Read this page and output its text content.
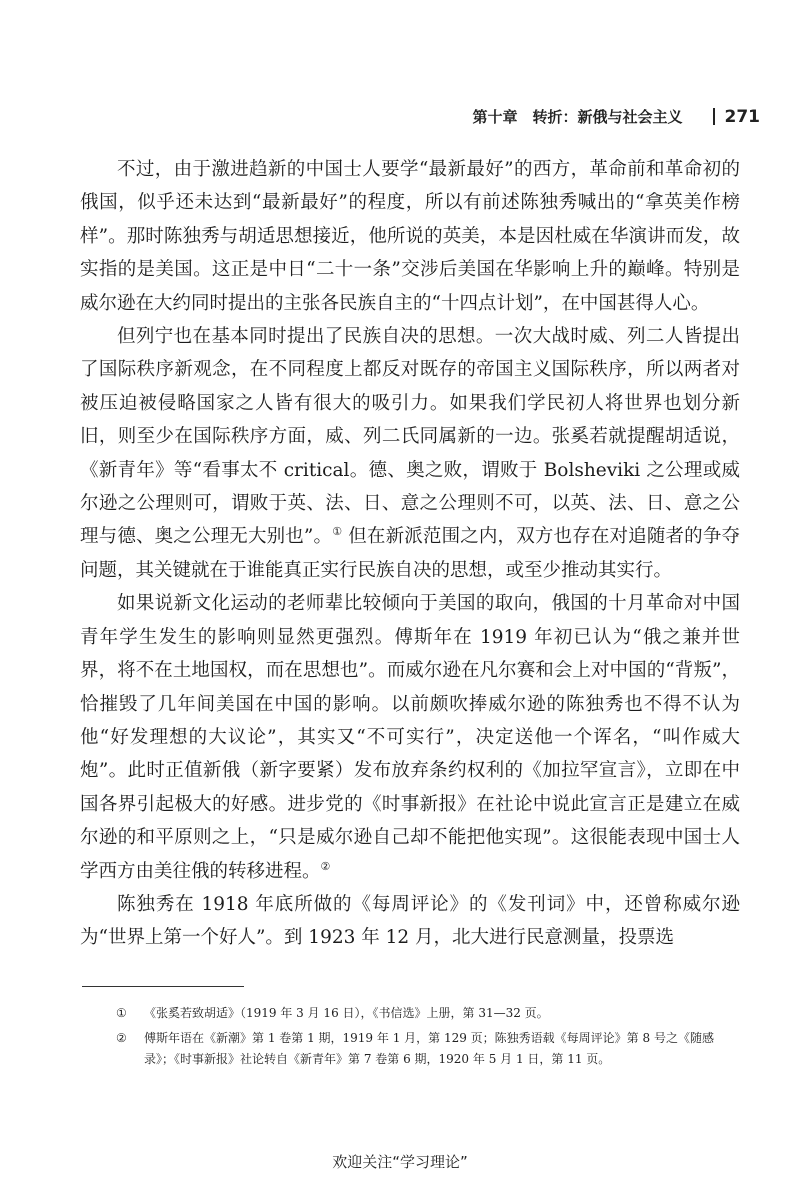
第十章　转折：新俄与社会主义 271

不过，由于激进趋新的中国士人要学“最新最好”的西方，革命前和革命初的俄国，似乎还未达到“最新最好”的程度，所以有前述陈独秀喊出的“拿英美作榜样”。那时陈独秀与胡适思想接近，他所说的英美，本是因杜威在华演讲而发，故实指的是美国。这正是中日“二十一条”交涉后美国在华影响上升的巅峰。特别是威尔逊在大约同时提出的主张各民族自主的“十四点计划”，在中国甚得人心。

但列宁也在基本同时提出了民族自决的思想。一次大战时威、列二人皆提出了国际秩序新观念，在不同程度上都反对既存的帝国主义国际秩序，所以两者对被压迫被侵略国家之人皆有很大的吸引力。如果我们学民初人将世界也划分新旧，则至少在国际秩序方面，威、列二氏同属新的一边。张奚若就提醒胡适说，《新青年》等“看事太不 critical。德、奥之败，谓败于 Bolsheviki 之公理或威尔逊之公理则可，谓败于英、法、日、意之公理则不可，以英、法、日、意之公理与德、奥之公理无大别也”。① 但在新派范围之内，双方也存在对追随者的争夺问题，其关键就在于谁能真正实行民族自决的思想，或至少推动其实行。

如果说新文化运动的老师辈比较倾向于美国的取向，俄国的十月革命对中国青年学生发生的影响则显然更强烈。傅斯年在 1919 年初已认为“俄之兼并世界，将不在土地国权，而在思想也”。而威尔逊在凡尔赛和会上对中国的“背叛”，恰摧毁了几年间美国在中国的影响。以前颇吹捧威尔逊的陈独秀也不得不认为他“好发理想的大议论”，其实又“不可实行”，决定送他一个诨名，“叫作威大炮”。此时正值新俄（新字要紧）发布放弃条约权利的《加拉罕宣言》，立即在中国各界引起极大的好感。进步党的《时事新报》在社论中说此宣言正是建立在威尔逊的和平原则之上，“只是威尔逊自己却不能把他实现”。这很能表现中国士人学西方由美往俄的转移进程。②

陈独秀在 1918 年底所做的《每周评论》的《发刊词》中，还曾称威尔逊为“世界上第一个好人”。到 1923 年 12 月，北大进行民意测量，投票选

①	《张奚若致胡适》（1919 年 3 月 16 日），《书信选》上册，第 31—32 页。
②	傅斯年语在《新潮》第 1 卷第 1 期，1919 年 1 月，第 129 页；陈独秀语载《每周评论》第 8 号之《随感录》；《时事新报》社论转自《新青年》第 7 卷第 6 期，1920 年 5 月 1 日，第 11 页。
欢迎关注“学习理论”
